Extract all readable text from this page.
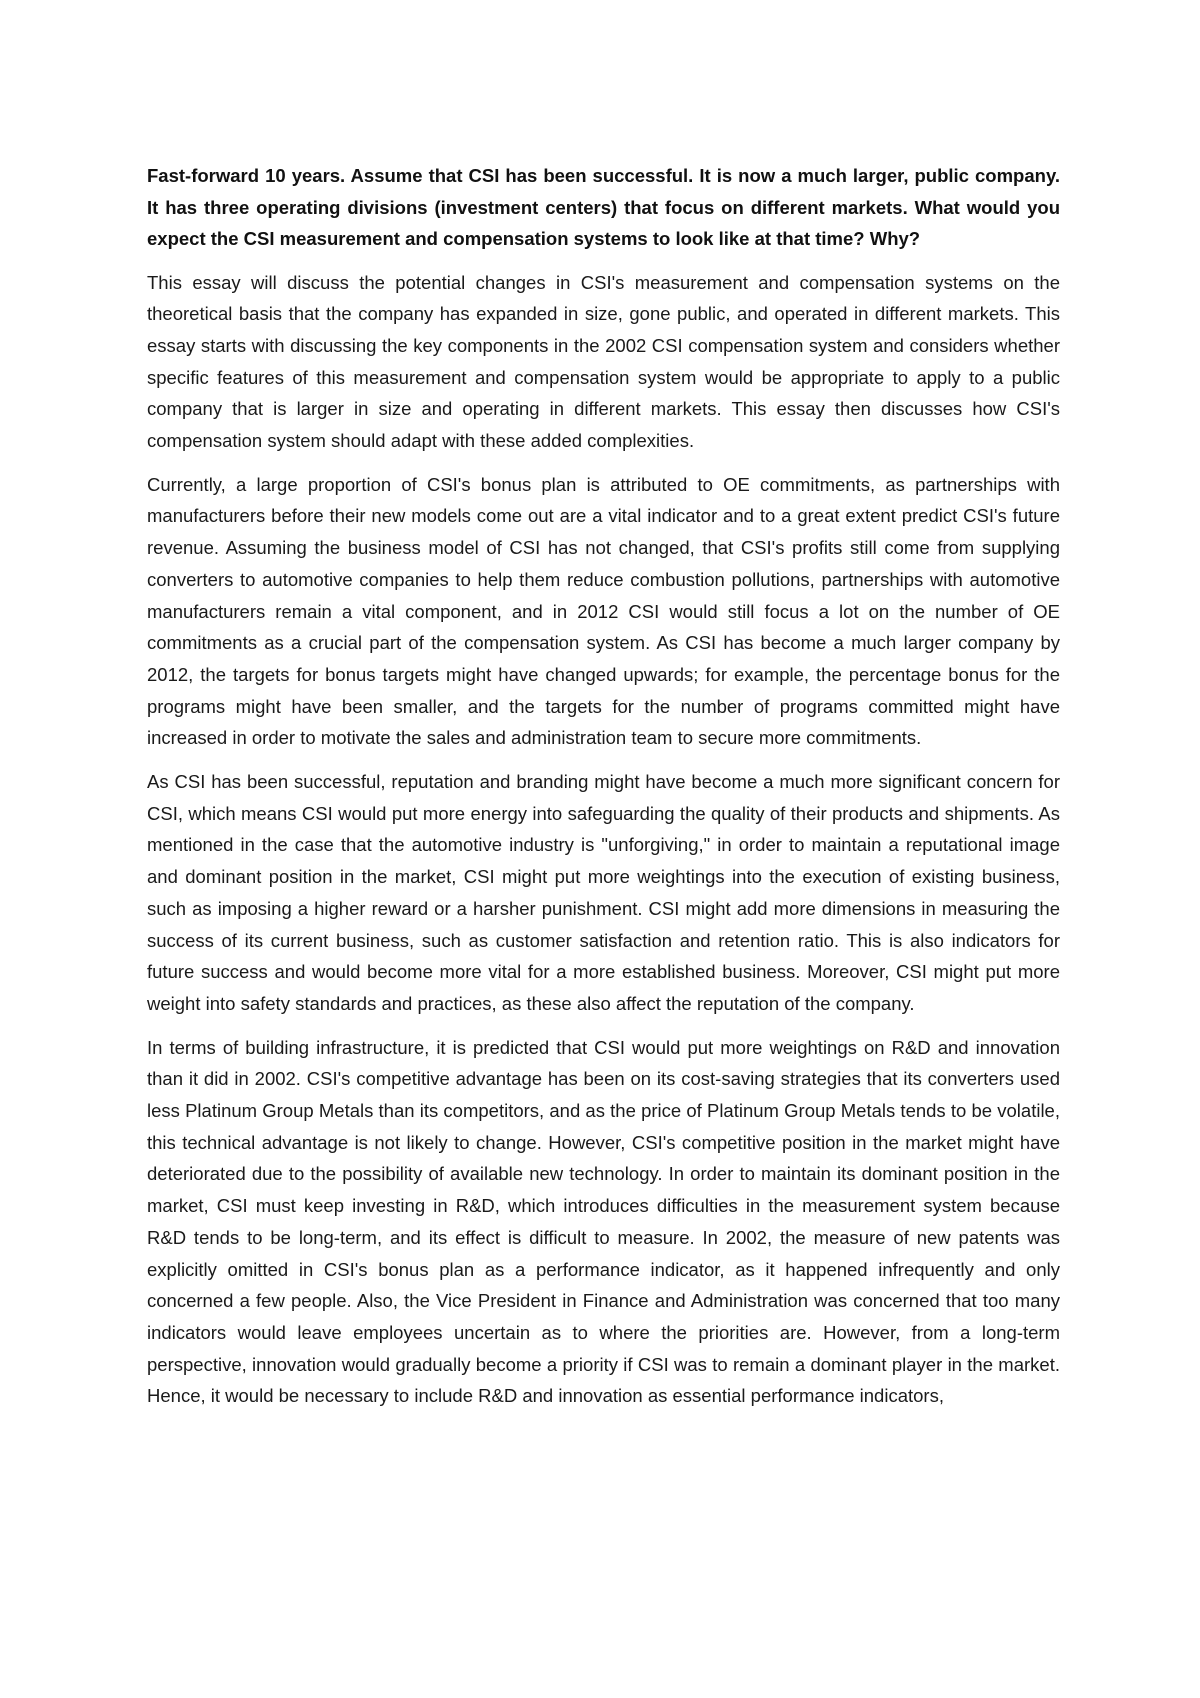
Fast-forward 10 years. Assume that CSI has been successful. It is now a much larger, public company. It has three operating divisions (investment centers) that focus on different markets. What would you expect the CSI measurement and compensation systems to look like at that time? Why?

This essay will discuss the potential changes in CSI's measurement and compensation systems on the theoretical basis that the company has expanded in size, gone public, and operated in different markets. This essay starts with discussing the key components in the 2002 CSI compensation system and considers whether specific features of this measurement and compensation system would be appropriate to apply to a public company that is larger in size and operating in different markets. This essay then discusses how CSI's compensation system should adapt with these added complexities.

Currently, a large proportion of CSI's bonus plan is attributed to OE commitments, as partnerships with manufacturers before their new models come out are a vital indicator and to a great extent predict CSI's future revenue. Assuming the business model of CSI has not changed, that CSI's profits still come from supplying converters to automotive companies to help them reduce combustion pollutions, partnerships with automotive manufacturers remain a vital component, and in 2012 CSI would still focus a lot on the number of OE commitments as a crucial part of the compensation system. As CSI has become a much larger company by 2012, the targets for bonus targets might have changed upwards; for example, the percentage bonus for the programs might have been smaller, and the targets for the number of programs committed might have increased in order to motivate the sales and administration team to secure more commitments.

As CSI has been successful, reputation and branding might have become a much more significant concern for CSI, which means CSI would put more energy into safeguarding the quality of their products and shipments. As mentioned in the case that the automotive industry is "unforgiving," in order to maintain a reputational image and dominant position in the market, CSI might put more weightings into the execution of existing business, such as imposing a higher reward or a harsher punishment. CSI might add more dimensions in measuring the success of its current business, such as customer satisfaction and retention ratio. This is also indicators for future success and would become more vital for a more established business. Moreover, CSI might put more weight into safety standards and practices, as these also affect the reputation of the company.

In terms of building infrastructure, it is predicted that CSI would put more weightings on R&D and innovation than it did in 2002. CSI's competitive advantage has been on its cost-saving strategies that its converters used less Platinum Group Metals than its competitors, and as the price of Platinum Group Metals tends to be volatile, this technical advantage is not likely to change. However, CSI's competitive position in the market might have deteriorated due to the possibility of available new technology. In order to maintain its dominant position in the market, CSI must keep investing in R&D, which introduces difficulties in the measurement system because R&D tends to be long-term, and its effect is difficult to measure. In 2002, the measure of new patents was explicitly omitted in CSI's bonus plan as a performance indicator, as it happened infrequently and only concerned a few people. Also, the Vice President in Finance and Administration was concerned that too many indicators would leave employees uncertain as to where the priorities are. However, from a long-term perspective, innovation would gradually become a priority if CSI was to remain a dominant player in the market. Hence, it would be necessary to include R&D and innovation as essential performance indicators,
